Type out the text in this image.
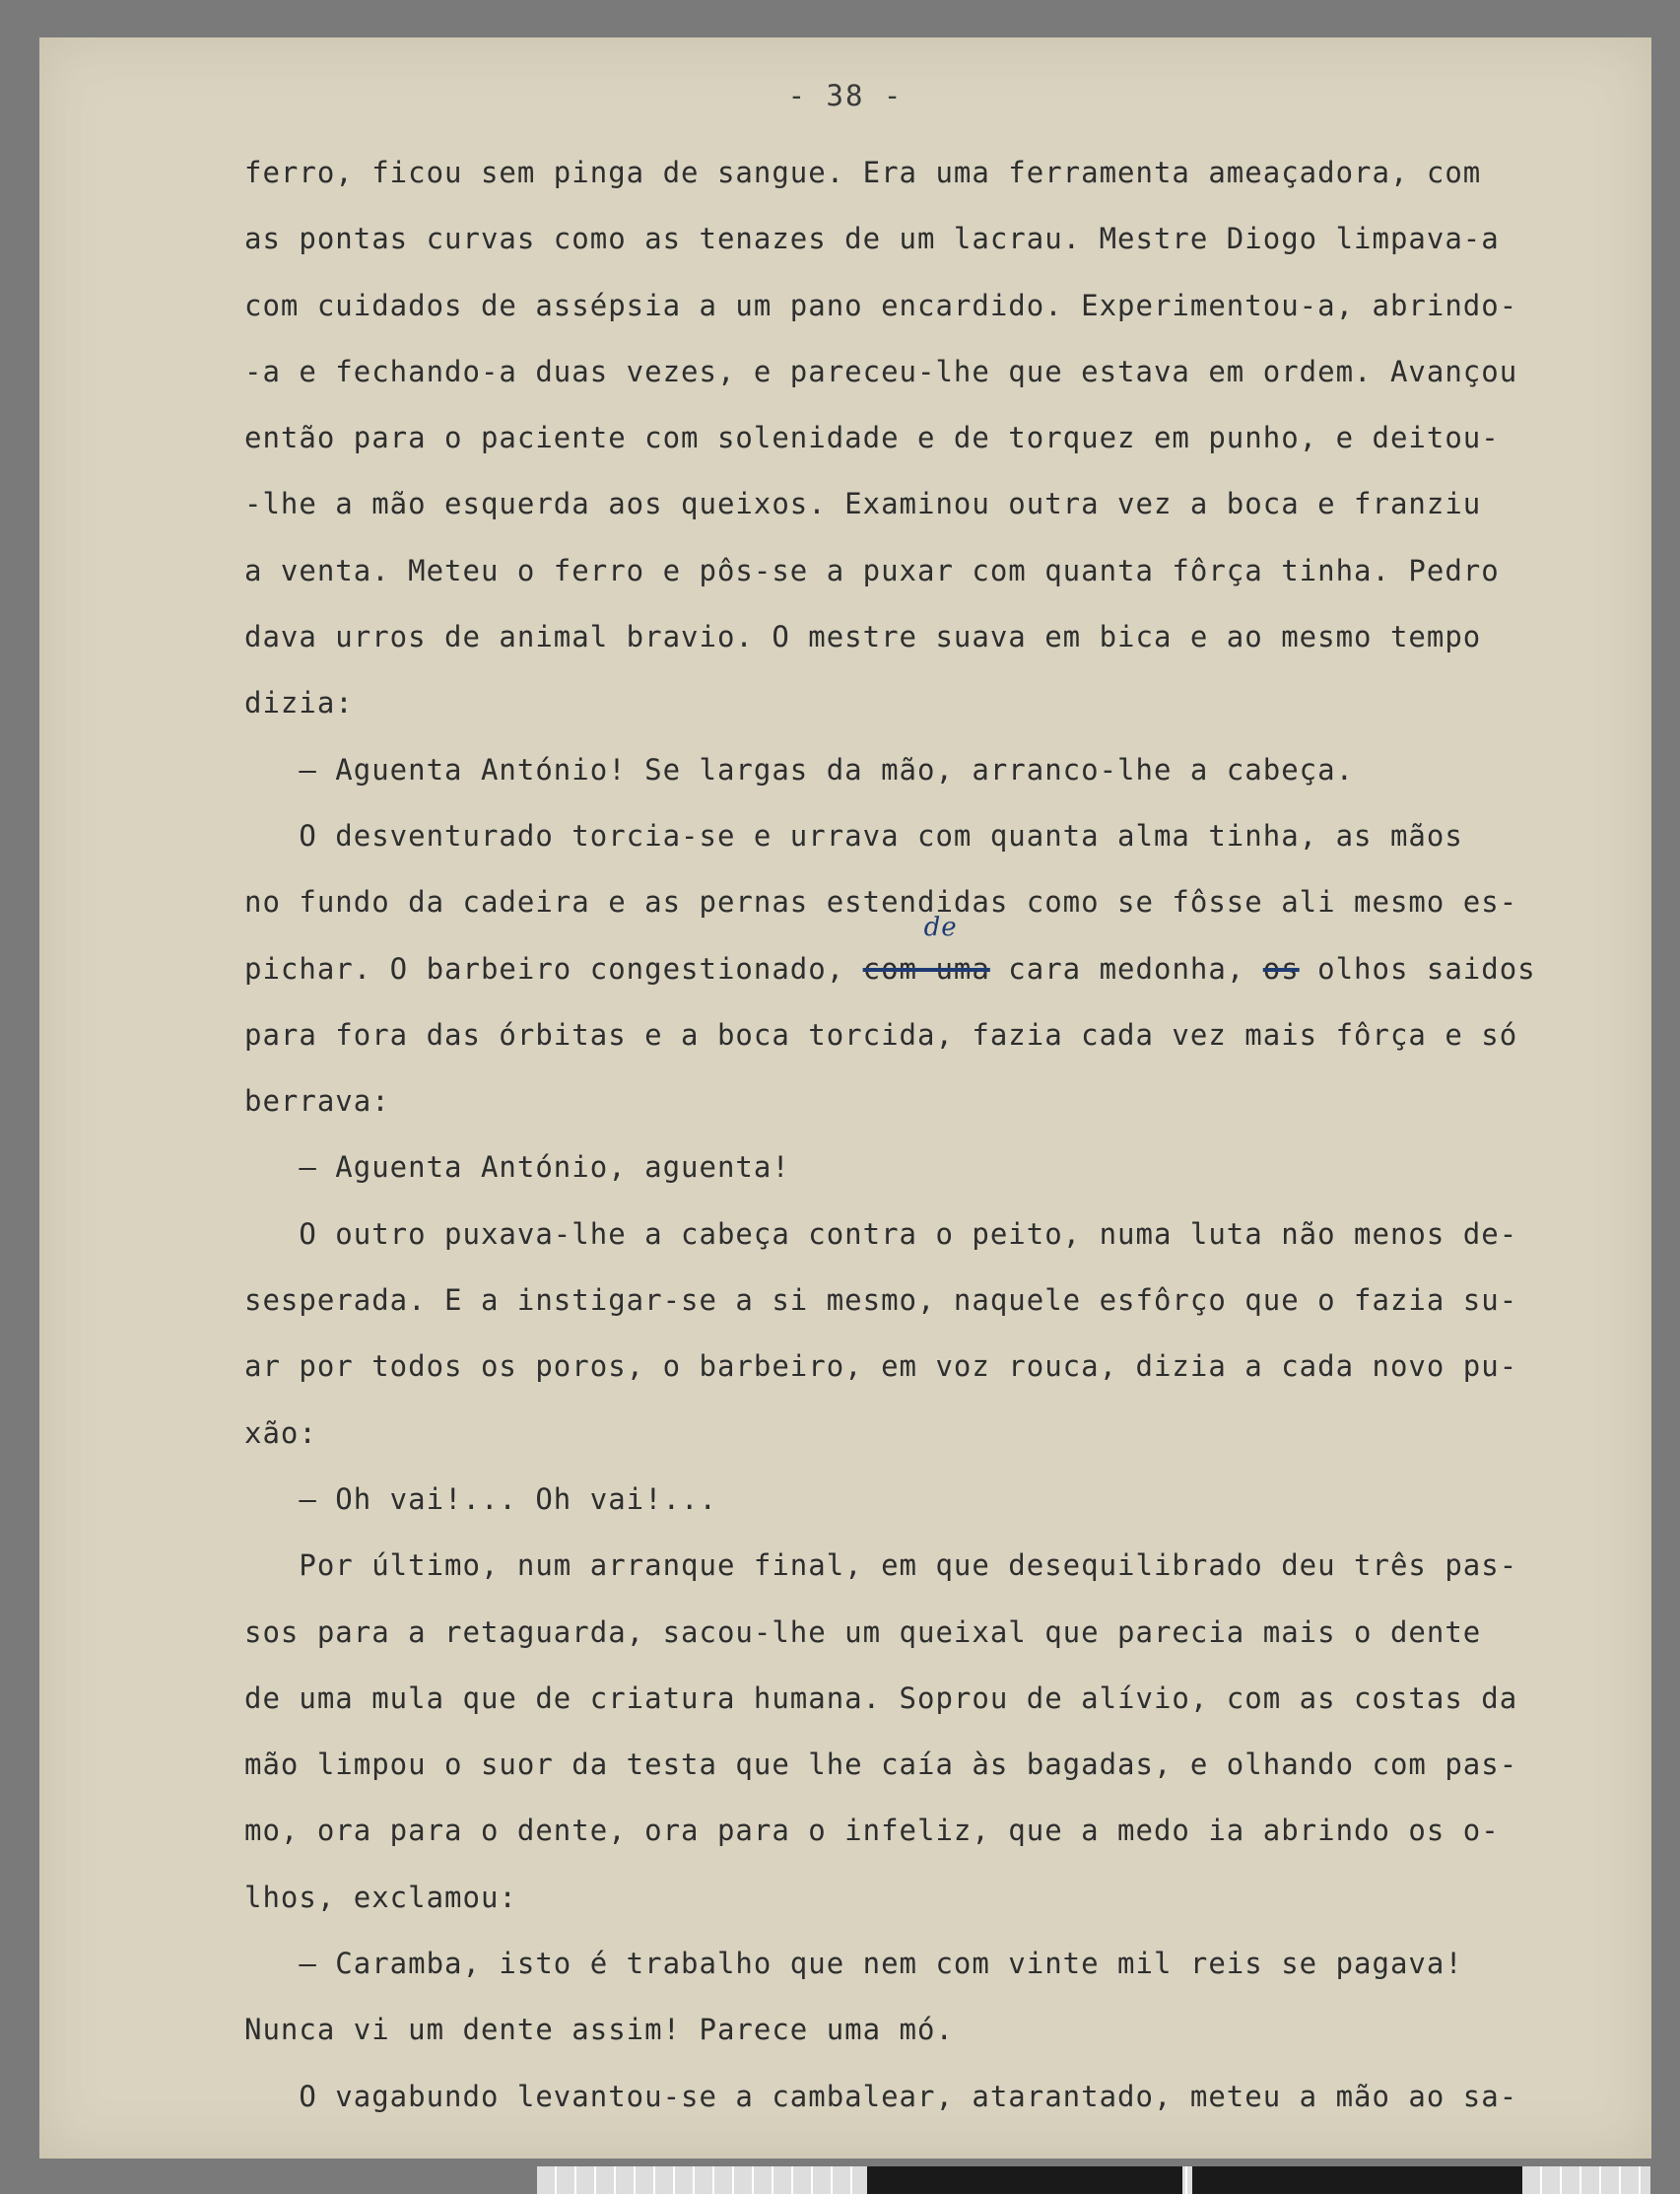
- 38 -
ferro, ficou sem pinga de sangue. Era uma ferramenta ameaçadora, com
as pontas curvas como as tenazes de um lacrau. Mestre Diogo limpava-a
com cuidados de assépsia a um pano encardido. Experimentou-a, abrindo-
-a e fechando-a duas vezes, e pareceu-lhe que estava em ordem. Avançou
então para o paciente com solenidade e de torquez em punho, e deitou-
-lhe a mão esquerda aos queixos. Examinou outra vez a boca e franziu
a venta. Meteu o ferro e pôs-se a puxar com quanta fôrça tinha. Pedro
dava urros de animal bravio. O mestre suava em bica e ao mesmo tempo
dizia:
— Aguenta António! Se largas da mão, arranco-lhe a cabeça.
O desventurado torcia-se e urrava com quanta alma tinha, as mãos
no fundo da cadeira e as pernas estendidas como se fôsse ali mesmo es-
pichar. O barbeiro congestionado, com uma
de
cara medonha, os olhos saidos
para fora das órbitas e a boca torcida, fazia cada vez mais fôrça e só
berrava:
— Aguenta António, aguenta!
O outro puxava-lhe a cabeça contra o peito, numa luta não menos de-
sesperada. E a instigar-se a si mesmo, naquele esfôrço que o fazia su-
ar por todos os poros, o barbeiro, em voz rouca, dizia a cada novo pu-
xão:
— Oh vai!... Oh vai!...
Por último, num arranque final, em que desequilibrado deu três pas-
sos para a retaguarda, sacou-lhe um queixal que parecia mais o dente
de uma mula que de criatura humana. Soprou de alívio, com as costas da
mão limpou o suor da testa que lhe caía às bagadas, e olhando com pas-
mo, ora para o dente, ora para o infeliz, que a medo ia abrindo os o-
lhos, exclamou:
— Caramba, isto é trabalho que nem com vinte mil reis se pagava!
Nunca vi um dente assim! Parece uma mó.
O vagabundo levantou-se a cambalear, atarantado, meteu a mão ao sa-
